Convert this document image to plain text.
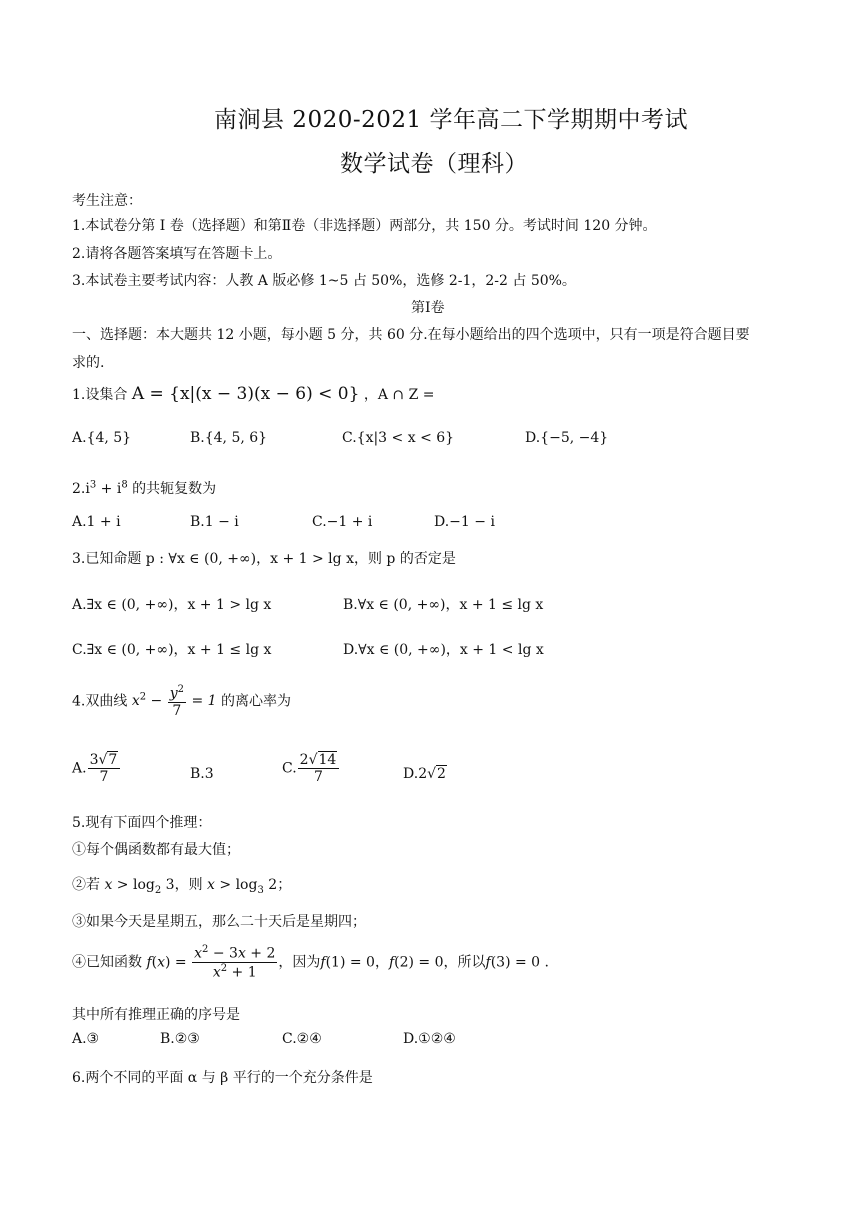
南涧县 2020-2021 学年高二下学期期中考试
数学试卷（理科）
考生注意：
1.本试卷分第 I 卷（选择题）和第Ⅱ卷（非选择题）两部分，共 150 分。考试时间 120 分钟。
2.请将各题答案填写在答题卡上。
3.本试卷主要考试内容：人教 A 版必修 1~5 占 50%，选修 2-1，2-2 占 50%。
第Ⅰ卷
一、选择题：本大题共 12 小题，每小题 5 分，共 60 分.在每小题给出的四个选项中，只有一项是符合题目要
求的.
1.设集合 A = {x|(x − 3)(x − 6) < 0} ，A ∩ Z =
A.{4, 5}	B.{4, 5, 6}	C.{x|3 < x < 6}	D.{−5, −4}
$2.i^3 + i^8$ 的共轭复数为
A.1 + i	B.1 − i	C.−1 + i	D.−1 − i
3.已知命题 p : ∀x ∈ (0, +∞)，x + 1 > lg x，则 p 的否定是
A.∃x ∈ (0, +∞)，x + 1 > lg x	B.∀x ∈ (0, +∞)，x + 1 ≤ lg x
C.∃x ∈ (0, +∞)，x + 1 ≤ lg x	D.∀x ∈ (0, +∞)，x + 1 < lg x
4.双曲线 $x^2 - \frac{y^2}{7} = 1$ 的离心率为
A. $\frac{3√7}{7}$	B.3	C. $\frac{2√14}{7}$	D.2√2
5.现有下面四个推理：
①每个偶函数都有最大值；
②若 $x > \log_2 3$，则 $x > \log_3 2$；
③如果今天是星期五，那么二十天后是星期四；
④已知函数 $f(x) = \frac{x^2 - 3x + 2}{x^2 + 1}$ ，因为f(1) = 0，f(2) = 0，所以f(3) = 0 .
其中所有推理正确的序号是
A.③	B.②③	C.②④	D.①②④
6.两个不同的平面 α 与 β 平行的一个充分条件是
